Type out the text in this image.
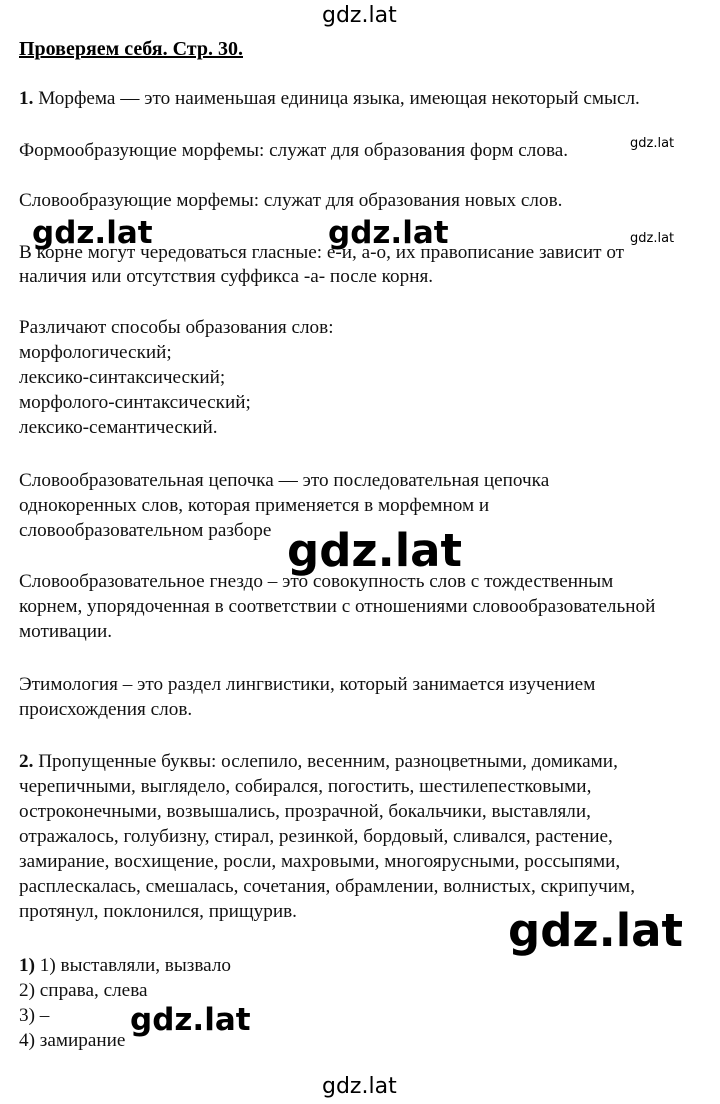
gdz.lat
Проверяем себя. Стр. 30.
1. Морфема — это наименьшая единица языка, имеющая некоторый смысл.
Формообразующие морфемы: служат для образования форм слова.	gdz.lat
Словообразующие морфемы: служат для образования новых слов.
В корне могут чередоваться гласные: е-и, а-о, их правописание зависит от
наличия или отсутствия суффикса -а- после корня.
gdz.lat	gdz.lat	gdz.lat
Различают способы образования слов:
морфологический;
лексико-синтаксический;
морфолого-синтаксический;
лексико-семантический.
Словообразовательная цепочка — это последовательная цепочка
однокоренных слов, которая применяется в морфемном и
словообразовательном разборе gdz.lat
Словообразовательное гнездо – это совокупность слов с тождественным
корнем, упорядоченная в соответствии с отношениями словообразовательной
мотивации.
Этимология – это раздел лингвистики, который занимается изучением
происхождения слов.
2. Пропущенные буквы: ослепило, весенним, разноцветными, домиками,
черепичными, выглядело, собирался, погостить, шестилепестковыми,
остроконечными, возвышались, прозрачной, бокальчики, выставляли,
отражалось, голубизну, стирал, резинкой, бордовый, сливался, растение,
замирание, восхищение, росли, махровыми, многоярусными, россыпями,
расплескалась, смешалась, сочетания, обрамлении, волнистых, скрипучим,
протянул, поклонился, прищурив.	gdz.lat
1) 1) выставляли, вызвало
2) справа, слева
3) –
4) замирание
gdz.lat
gdz.lat
